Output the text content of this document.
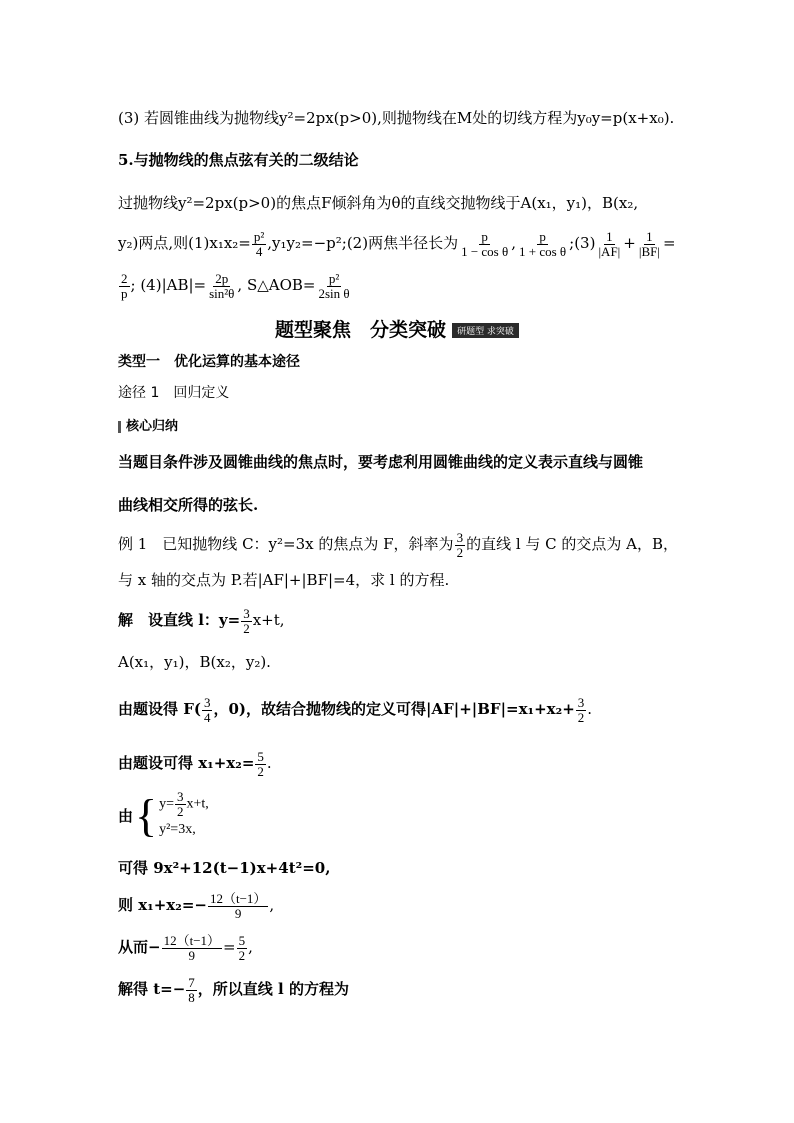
(3) 若圆锥曲线为抛物线y²=2px(p>0),则抛物线在M处的切线方程为y₀y=p(x+x₀).
5.与抛物线的焦点弦有关的二级结论
过抛物线y²=2px(p>0)的焦点F倾斜角为θ的直线交抛物线于A(x₁，y₁)，B(x₂,
y₂)两点,则$(1)x_1x_2= \frac{\text{p²}}{4}$ ,y₁y₂=−p²;(2)两焦半径长为 $\frac{p}{\text{1 − cos θ}}$ , $\frac{p}{\text{1 + cos θ}}$ ;(3) $\frac{1}{|AF|} + \frac{1}{|BF|}$ =
$\frac{2}{p}$ ; $(4)|AB|= \frac{2p}{\text{sin²θ}}$ , S△AOB= $\frac{\text{p²}}{\text{2sin θ}}$
题型聚焦　分类突破 研题型 求突破
类型一　优化运算的基本途径
途径 1　回归定义
核心归纳
当题目条件涉及圆锥曲线的焦点时，要考虑利用圆锥曲线的定义表示直线与圆锥
曲线相交所得的弦长.
例 1　已知抛物线 C：y²=3x 的焦点为 F，斜率为 $\frac{3}{2}$ 的直线 l 与 C 的交点为 A，B，
与 x 轴的交点为 P.若|AF|+|BF|=4，求 l 的方程.
解　设直线 l：$y= \frac{3}{2} x+t$,
A(x₁，y₁)，B(x₂，y₂).
由题设得 $F( \frac{3}{4}$ ，0)，故结合抛物线的定义可得$|AF|+|BF|=x_1+x_2+ \frac{3}{2}$ .
由题设可得 $x_1+x_2= \frac{5}{2}$ .
由 { $y= \frac{3}{2} x+t$,
y²=3x,
可得 9x²+12(t−1)x+4t²=0,
则 $x_1+x_2=- \frac{12(t-1)}{9}$ ,
从而− $\frac{12(t-1)}{9} = \frac{5}{2}$ ,
解得 $t=- \frac{7}{8}$ ，所以直线 l 的方程为
